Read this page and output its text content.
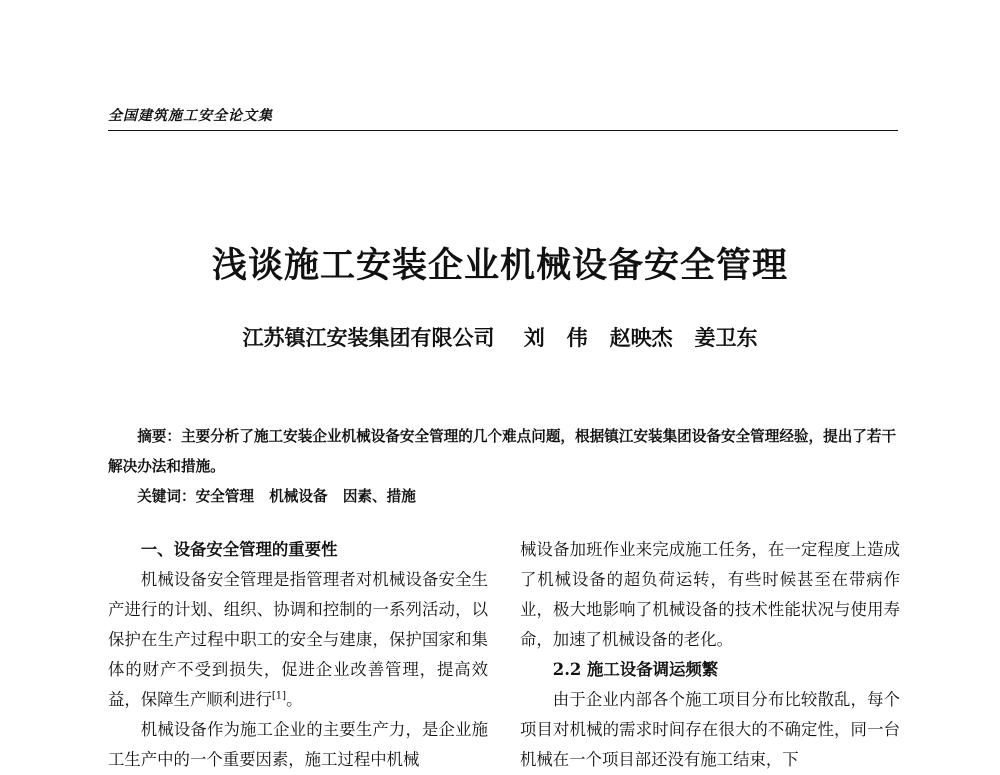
全国建筑施工安全论文集
浅谈施工安装企业机械设备安全管理
江苏镇江安装集团有限公司    刘   伟   赵映杰   姜卫东

摘要：主要分析了施工安装企业机械设备安全管理的几个难点问题，根据镇江安装集团设备安全管理经验，提出了若干解决办法和措施。

关键词：安全管理   机械设备   因素、措施

一、设备安全管理的重要性

机械设备安全管理是指管理者对机械设备安全生产进行的计划、组织、协调和控制的一系列活动，以保护在生产过程中职工的安全与建康，保护国家和集体的财产不受到损失，促进企业改善管理，提高效益，保障生产顺利进行[1]。

机械设备作为施工企业的主要生产力，是企业施工生产中的一个重要因素，施工过程中机械

械设备加班作业来完成施工任务，在一定程度上造成了机械设备的超负荷运转，有些时候甚至在带病作业，极大地影响了机械设备的技术性能状况与使用寿命，加速了机械设备的老化。

2.2 施工设备调运频繁

由于企业内部各个施工项目分布比较散乱，每个项目对机械的需求时间存在很大的不确定性，同一台机械在一个项目部还没有施工结束，下
